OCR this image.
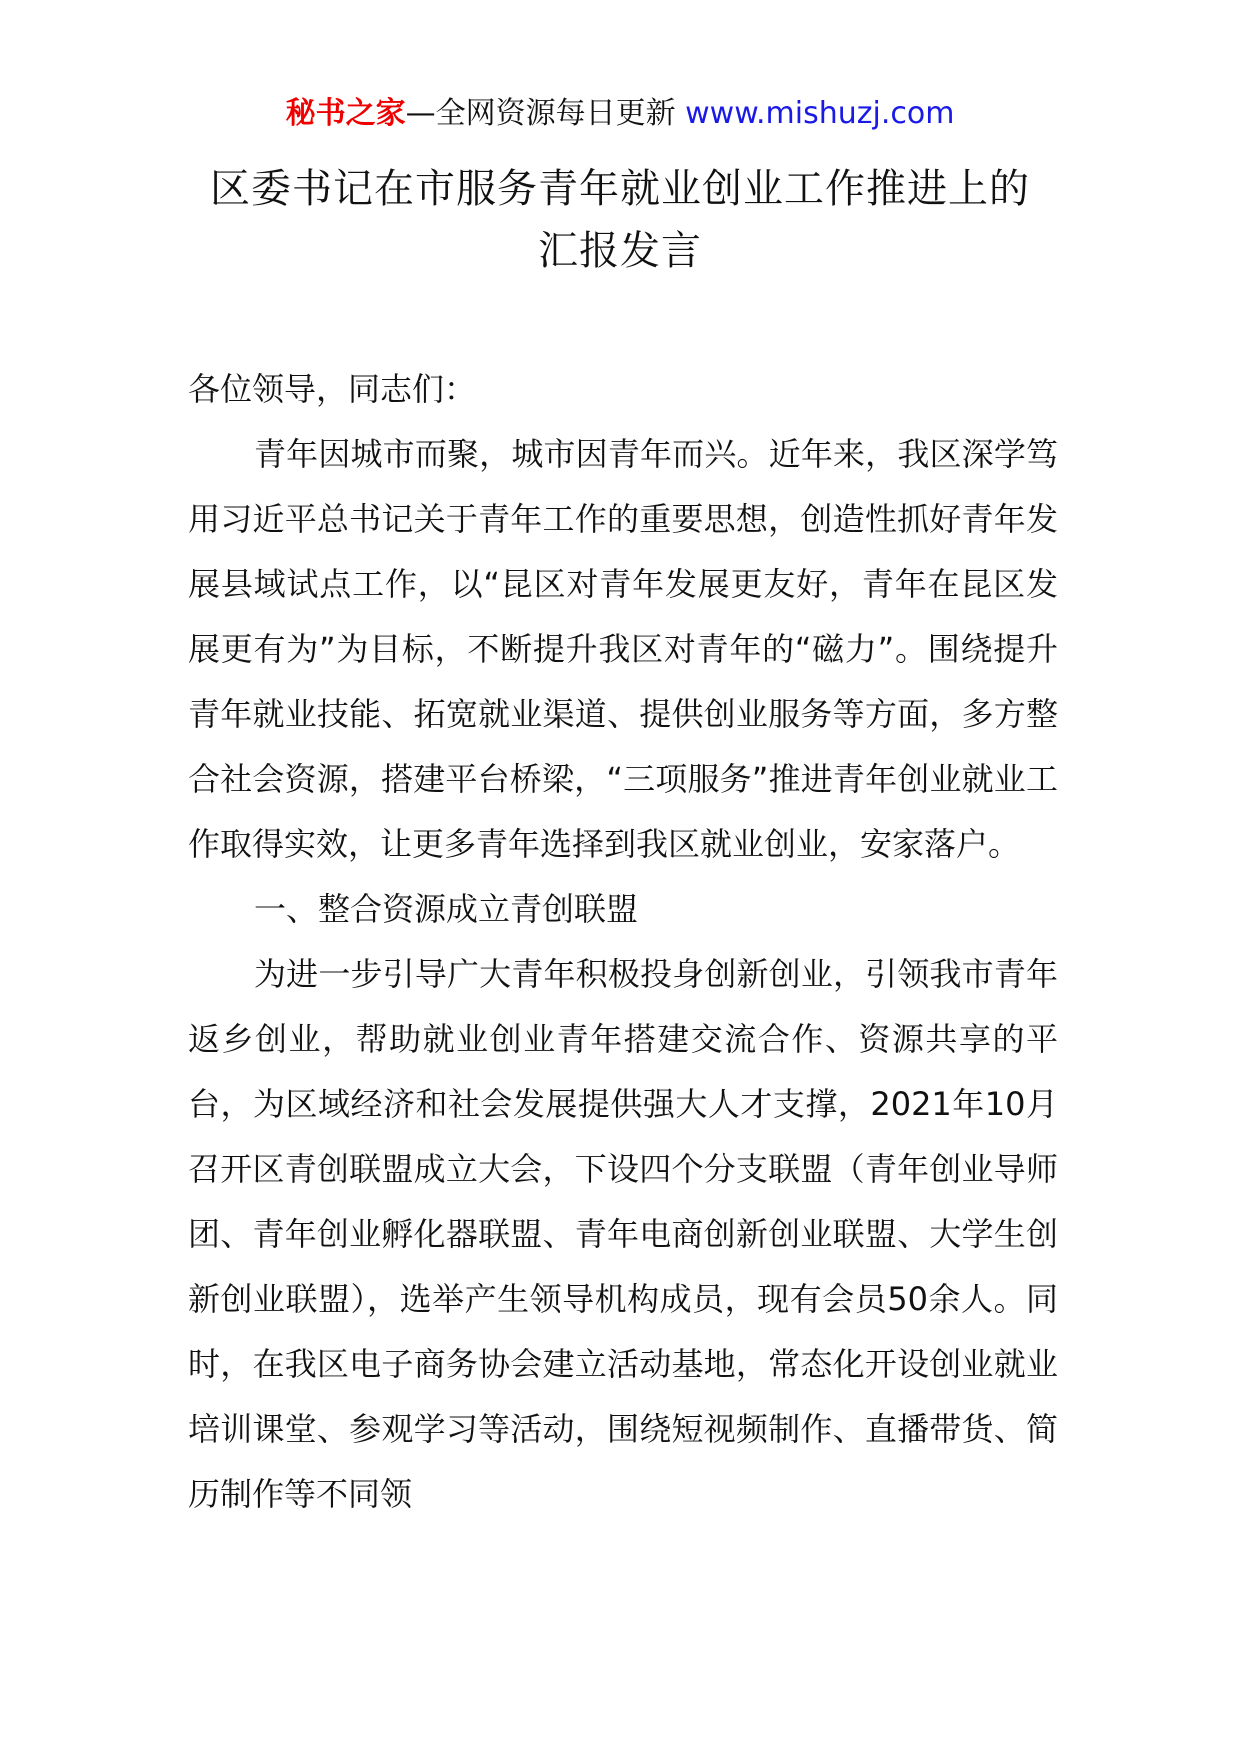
秘书之家—全网资源每日更新 www.mishuzj.com
区委书记在市服务青年就业创业工作推进上的
汇报发言

各位领导，同志们：

青年因城市而聚，城市因青年而兴。近年来，我区深学笃用习近平总书记关于青年工作的重要思想，创造性抓好青年发展县域试点工作，以“昆区对青年发展更友好，青年在昆区发展更有为”为目标，不断提升我区对青年的“磁力”。围绕提升青年就业技能、拓宽就业渠道、提供创业服务等方面，多方整合社会资源，搭建平台桥梁，“三项服务”推进青年创业就业工作取得实效，让更多青年选择到我区就业创业，安家落户。

一、整合资源成立青创联盟

为进一步引导广大青年积极投身创新创业，引领我市青年返乡创业，帮助就业创业青年搭建交流合作、资源共享的平台，为区域经济和社会发展提供强大人才支撑，2021年10月召开区青创联盟成立大会，下设四个分支联盟（青年创业导师团、青年创业孵化器联盟、青年电商创新创业联盟、大学生创新创业联盟），选举产生领导机构成员，现有会员50余人。同时，在我区电子商务协会建立活动基地，常态化开设创业就业培训课堂、参观学习等活动，围绕短视频制作、直播带货、简历制作等不同领
